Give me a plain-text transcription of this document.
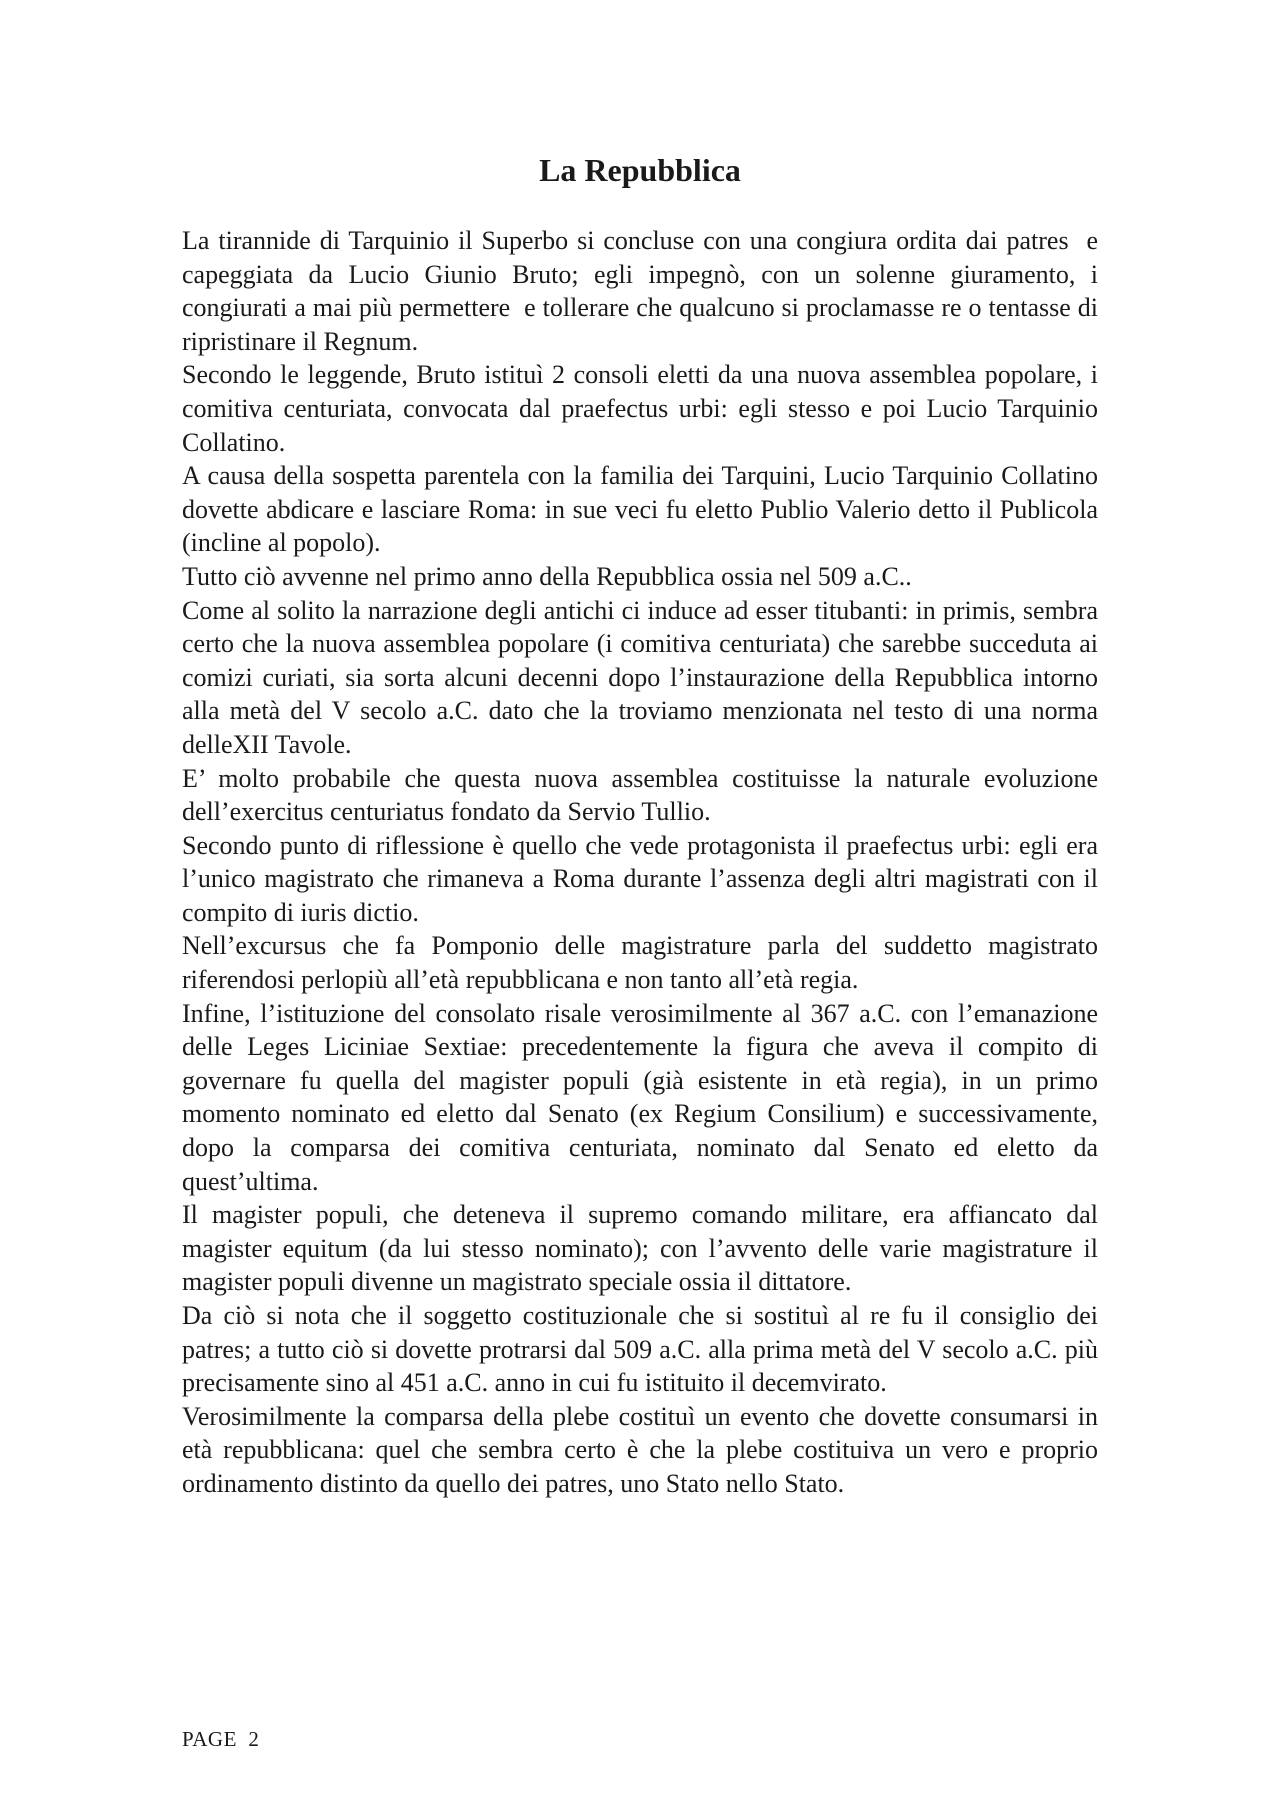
La Repubblica

La tirannide di Tarquinio il Superbo si concluse con una congiura ordita dai patres  e capeggiata da Lucio Giunio Bruto; egli impegnò, con un solenne giuramento, i congiurati a mai più permettere  e tollerare che qualcuno si proclamasse re o tentasse di ripristinare il Regnum.

Secondo le leggende, Bruto istituì 2 consoli eletti da una nuova assemblea popolare, i comitiva centuriata, convocata dal praefectus urbi: egli stesso e poi Lucio Tarquinio Collatino.

A causa della sospetta parentela con la familia dei Tarquini, Lucio Tarquinio Collatino dovette abdicare e lasciare Roma: in sue veci fu eletto Publio Valerio detto il Publicola (incline al popolo).

Tutto ciò avvenne nel primo anno della Repubblica ossia nel 509 a.C..

Come al solito la narrazione degli antichi ci induce ad esser titubanti: in primis, sembra certo che la nuova assemblea popolare (i comitiva centuriata) che sarebbe succeduta ai comizi curiati, sia sorta alcuni decenni dopo l’instaurazione della Repubblica intorno alla metà del V secolo a.C. dato che la troviamo menzionata nel testo di una norma delleXII Tavole.

E’ molto probabile che questa nuova assemblea costituisse la naturale evoluzione dell’exercitus centuriatus fondato da Servio Tullio.

Secondo punto di riflessione è quello che vede protagonista il praefectus urbi: egli era l’unico magistrato che rimaneva a Roma durante l’assenza degli altri magistrati con il compito di iuris dictio.

Nell’excursus che fa Pomponio delle magistrature parla del suddetto magistrato riferendosi perlopiù all’età repubblicana e non tanto all’età regia.

Infine, l’istituzione del consolato risale verosimilmente al 367 a.C. con l’emanazione delle Leges Liciniae Sextiae: precedentemente la figura che aveva il compito di governare fu quella del magister populi (già esistente in età regia), in un primo momento nominato ed eletto dal Senato (ex Regium Consilium) e successivamente, dopo la comparsa dei comitiva centuriata, nominato dal Senato ed eletto da quest’ultima.

Il magister populi, che deteneva il supremo comando militare, era affiancato dal magister equitum (da lui stesso nominato); con l’avvento delle varie magistrature il magister populi divenne un magistrato speciale ossia il dittatore.

Da ciò si nota che il soggetto costituzionale che si sostituì al re fu il consiglio dei patres; a tutto ciò si dovette protrarsi dal 509 a.C. alla prima metà del V secolo a.C. più precisamente sino al 451 a.C. anno in cui fu istituito il decemvirato.

Verosimilmente la comparsa della plebe costituì un evento che dovette consumarsi in età repubblicana: quel che sembra certo è che la plebe costituiva un vero e proprio ordinamento distinto da quello dei patres, uno Stato nello Stato.

PAGE  2
